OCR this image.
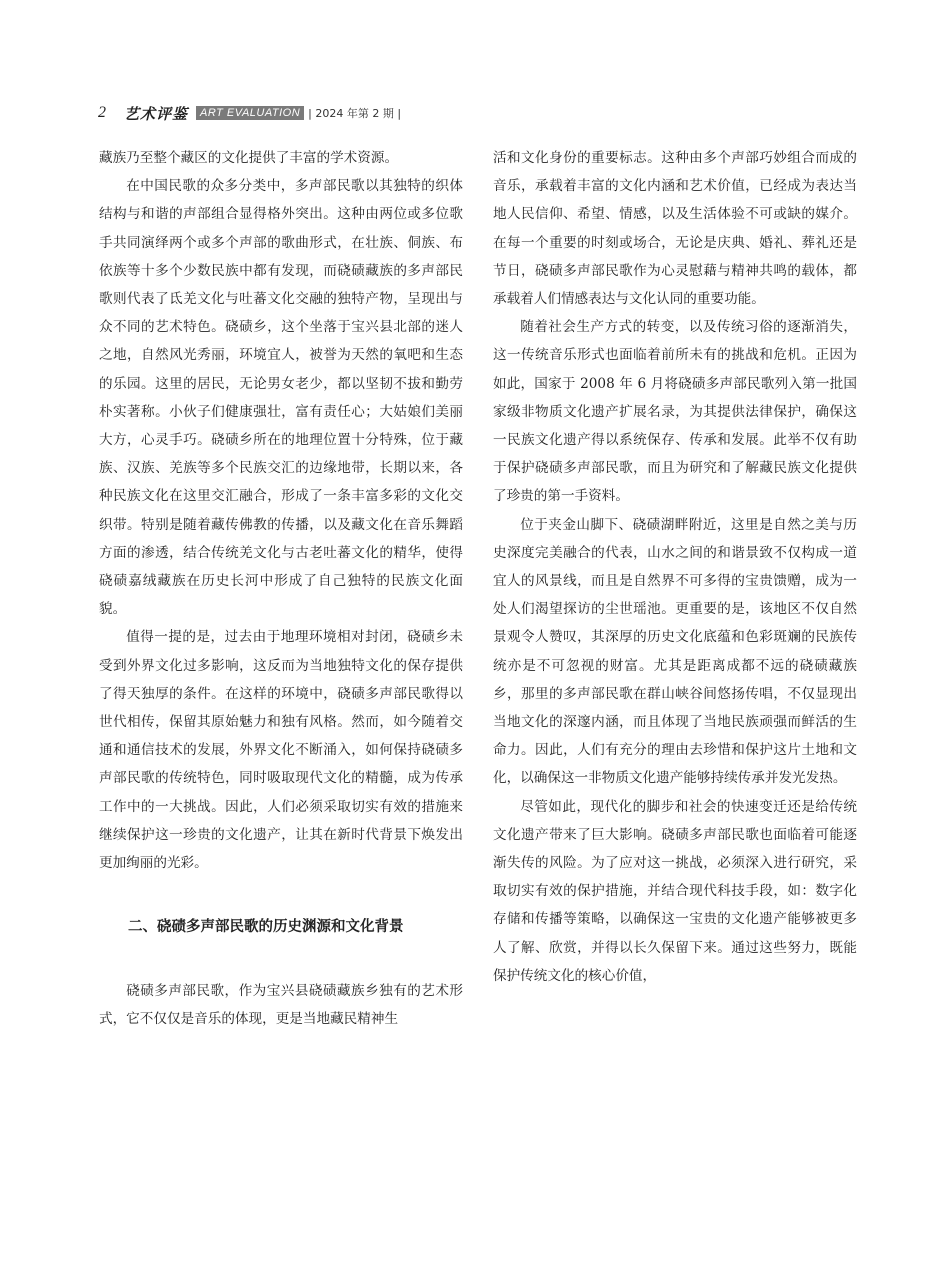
2 艺术评鉴	ART EVALUATION | 2024 年第 2 期 |

藏族乃至整个藏区的文化提供了丰富的学术资源。

在中国民歌的众多分类中，多声部民歌以其独特的织体结构与和谐的声部组合显得格外突出。这种由两位或多位歌手共同演绎两个或多个声部的歌曲形式，在壮族、侗族、布依族等十多个少数民族中都有发现，而硗碛藏族的多声部民歌则代表了氐羌文化与吐蕃文化交融的独特产物，呈现出与众不同的艺术特色。硗碛乡，这个坐落于宝兴县北部的迷人之地，自然风光秀丽，环境宜人，被誉为天然的氧吧和生态的乐园。这里的居民，无论男女老少，都以坚韧不拔和勤劳朴实著称。小伙子们健康强壮，富有责任心；大姑娘们美丽大方，心灵手巧。硗碛乡所在的地理位置十分特殊，位于藏族、汉族、羌族等多个民族交汇的边缘地带，长期以来，各种民族文化在这里交汇融合，形成了一条丰富多彩的文化交织带。特别是随着藏传佛教的传播，以及藏文化在音乐舞蹈方面的渗透，结合传统羌文化与古老吐蕃文化的精华，使得硗碛嘉绒藏族在历史长河中形成了自己独特的民族文化面貌。

值得一提的是，过去由于地理环境相对封闭，硗碛乡未受到外界文化过多影响，这反而为当地独特文化的保存提供了得天独厚的条件。在这样的环境中，硗碛多声部民歌得以世代相传，保留其原始魅力和独有风格。然而，如今随着交通和通信技术的发展，外界文化不断涌入，如何保持硗碛多声部民歌的传统特色，同时吸取现代文化的精髓，成为传承工作中的一大挑战。因此，人们必须采取切实有效的措施来继续保护这一珍贵的文化遗产，让其在新时代背景下焕发出更加绚丽的光彩。

二、硗碛多声部民歌的历史渊源和文化背景

硗碛多声部民歌，作为宝兴县硗碛藏族乡独有的艺术形式，它不仅仅是音乐的体现，更是当地藏民精神生

活和文化身份的重要标志。这种由多个声部巧妙组合而成的音乐，承载着丰富的文化内涵和艺术价值，已经成为表达当地人民信仰、希望、情感，以及生活体验不可或缺的媒介。在每一个重要的时刻或场合，无论是庆典、婚礼、葬礼还是节日，硗碛多声部民歌作为心灵慰藉与精神共鸣的载体，都承载着人们情感表达与文化认同的重要功能。

随着社会生产方式的转变，以及传统习俗的逐渐消失，这一传统音乐形式也面临着前所未有的挑战和危机。正因为如此，国家于 2008 年 6 月将硗碛多声部民歌列入第一批国家级非物质文化遗产扩展名录，为其提供法律保护，确保这一民族文化遗产得以系统保存、传承和发展。此举不仅有助于保护硗碛多声部民歌，而且为研究和了解藏民族文化提供了珍贵的第一手资料。

位于夹金山脚下、硗碛湖畔附近，这里是自然之美与历史深度完美融合的代表，山水之间的和谐景致不仅构成一道宜人的风景线，而且是自然界不可多得的宝贵馈赠，成为一处人们渴望探访的尘世瑶池。更重要的是，该地区不仅自然景观令人赞叹，其深厚的历史文化底蕴和色彩斑斓的民族传统亦是不可忽视的财富。尤其是距离成都不远的硗碛藏族乡，那里的多声部民歌在群山峡谷间悠扬传唱，不仅显现出当地文化的深邃内涵，而且体现了当地民族顽强而鲜活的生命力。因此，人们有充分的理由去珍惜和保护这片土地和文化，以确保这一非物质文化遗产能够持续传承并发光发热。

尽管如此，现代化的脚步和社会的快速变迁还是给传统文化遗产带来了巨大影响。硗碛多声部民歌也面临着可能逐渐失传的风险。为了应对这一挑战，必须深入进行研究，采取切实有效的保护措施，并结合现代科技手段，如：数字化存储和传播等策略，以确保这一宝贵的文化遗产能够被更多人了解、欣赏，并得以长久保留下来。通过这些努力，既能保护传统文化的核心价值，
